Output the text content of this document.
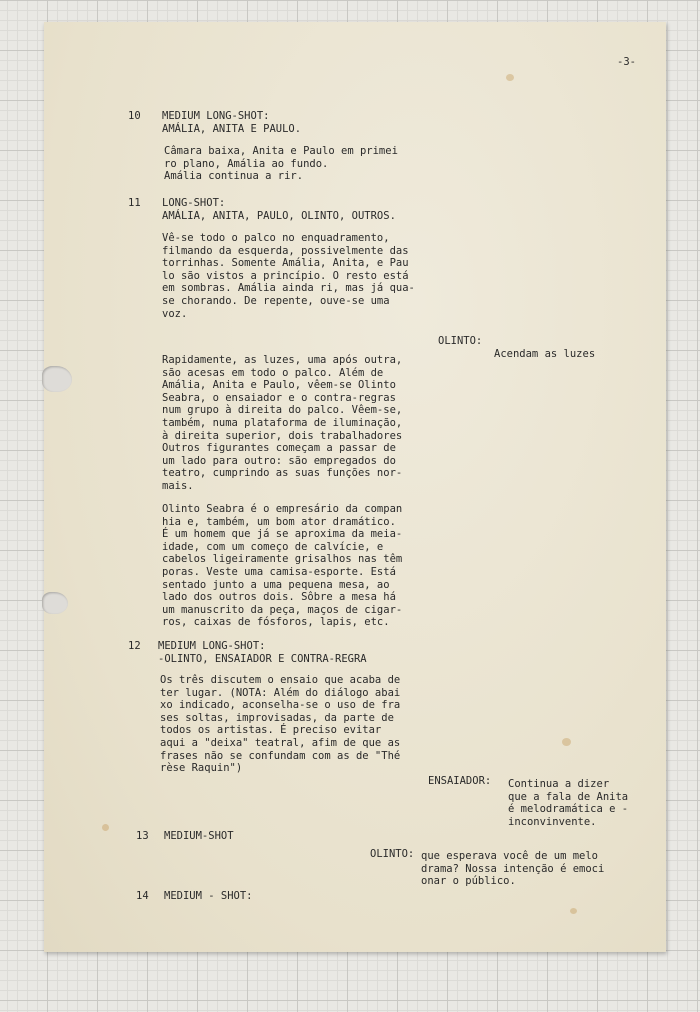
-3-
10 MEDIUM LONG-SHOT:
AMÁLIA, ANITA E PAULO.
Câmara baixa, Anita e Paulo em primei
ro plano, Amália ao fundo.
Amália continua a rir.
11 LONG-SHOT:
AMÁLIA, ANITA, PAULO, OLINTO, OUTROS.
Vê-se todo o palco no enquadramento,
filmando da esquerda, possivelmente das
torrinhas. Somente Amália, Anita, e Pau
lo são vistos a princípio. O resto está
em sombras. Amália ainda ri, mas já qua-
se chorando. De repente, ouve-se uma
voz.
OLINTO:
Acendam as luzes
Rapidamente, as luzes, uma após outra,
são acesas em todo o palco. Além de
Amália, Anita e Paulo, vêem-se Olinto
Seabra, o ensaiador e o contra-regras
num grupo à direita do palco. Vêem-se,
também, numa plataforma de iluminação,
à direita superior, dois trabalhadores
Outros figurantes começam a passar de
um lado para outro: são empregados do
teatro, cumprindo as suas funções nor-
mais.
Olinto Seabra é o empresário da compan
hia e, também, um bom ator dramático.
É um homem que já se aproxima da meia-
idade, com um começo de calvície, e
cabelos ligeiramente grisalhos nas têm
poras. Veste uma camisa-esporte. Está
sentado junto a uma pequena mesa, ao
lado dos outros dois. Sôbre a mesa há
um manuscrito da peça, maços de cigar-
ros, caixas de fósforos, lapis, etc.
12 MEDIUM LONG-SHOT:
-OLINTO, ENSAIADOR E CONTRA-REGRA
Os três discutem o ensaio que acaba de
ter lugar. (NOTA: Além do diálogo abai
xo indicado, aconselha-se o uso de fra
ses soltas, improvisadas, da parte de
todos os artistas. É preciso evitar
aqui a "deixa" teatral, afim de que as
frases não se confundam com as de "Thé
rèse Raquin")
ENSAIADOR: Continua a dizer
que a fala de Anita
é melodramática e -
inconvinvente.
13 MEDIUM-SHOT
OLINTO: que esperava você de um melo
drama? Nossa intenção é emoci
onar o público.
14 MEDIUM - SHOT:
